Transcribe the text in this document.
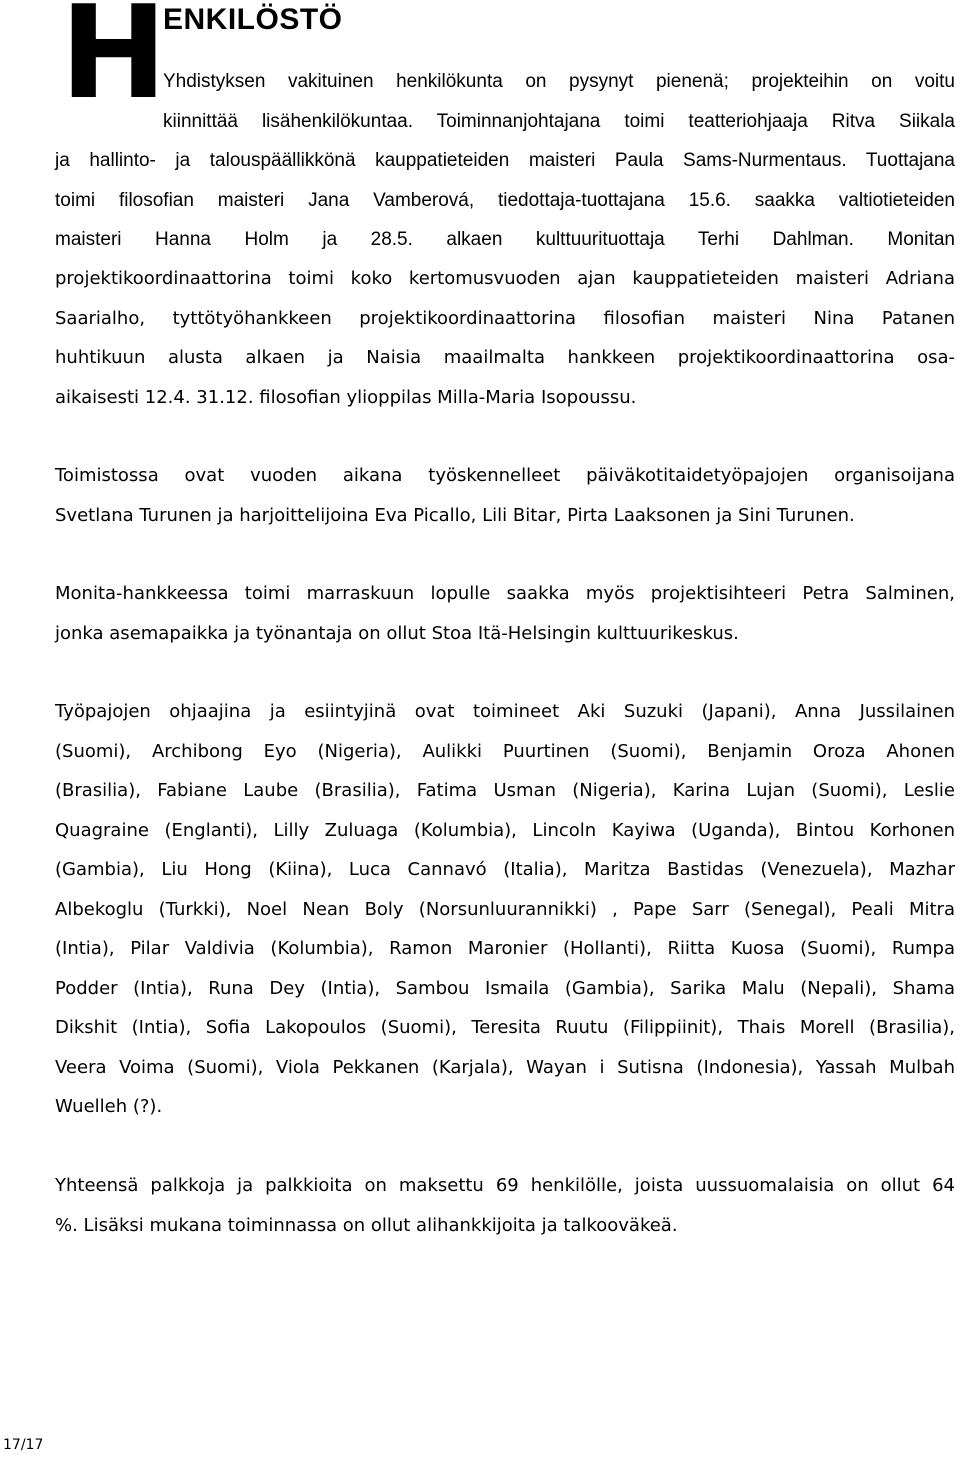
H
ENKILÖSTÖ
Yhdistyksen vakituinen henkilökunta on pysynyt pienenä; projekteihin on voitu
kiinnittää lisähenkilökuntaa. Toiminnanjohtajana toimi teatteriohjaaja Ritva Siikala
ja hallinto- ja talouspäällikkönä kauppatieteiden maisteri Paula Sams-Nurmentaus. Tuottajana
toimi filosofian maisteri Jana Vamberová, tiedottaja-tuottajana 15.6. saakka valtiotieteiden
maisteri Hanna Holm ja 28.5. alkaen kulttuurituottaja Terhi Dahlman. Monitan
projektikoordinaattorina toimi koko kertomusvuoden ajan kauppatieteiden maisteri Adriana
Saarialho, tyttötyöhankkeen projektikoordinaattorina filosofian maisteri Nina Patanen
huhtikuun alusta alkaen ja Naisia maailmalta hankkeen projektikoordinaattorina osa-
aikaisesti 12.4. 31.12. filosofian ylioppilas Milla-Maria Isopoussu.
Toimistossa ovat vuoden aikana työskennelleet päiväkotitaidetyöpajojen organisoijana
Svetlana Turunen ja harjoittelijoina Eva Picallo, Lili Bitar, Pirta Laaksonen ja Sini Turunen.
Monita-hankkeessa toimi marraskuun lopulle saakka myös projektisihteeri Petra Salminen,
jonka asemapaikka ja työnantaja on ollut Stoa Itä-Helsingin kulttuurikeskus.
Työpajojen ohjaajina ja esiintyjinä ovat toimineet Aki Suzuki (Japani), Anna Jussilainen
(Suomi), Archibong Eyo (Nigeria), Aulikki Puurtinen (Suomi), Benjamin Oroza Ahonen
(Brasilia), Fabiane Laube (Brasilia), Fatima Usman (Nigeria), Karina Lujan (Suomi), Leslie
Quagraine (Englanti), Lilly Zuluaga (Kolumbia), Lincoln Kayiwa (Uganda), Bintou Korhonen
(Gambia), Liu Hong (Kiina), Luca Cannavó (Italia), Maritza Bastidas (Venezuela), Mazhar
Albekoglu (Turkki), Noel Nean Boly (Norsunluurannikki) , Pape Sarr (Senegal), Peali Mitra
(Intia), Pilar Valdivia (Kolumbia), Ramon Maronier (Hollanti), Riitta Kuosa (Suomi), Rumpa
Podder (Intia), Runa Dey (Intia), Sambou Ismaila (Gambia), Sarika Malu (Nepali), Shama
Dikshit (Intia), Sofia Lakopoulos (Suomi), Teresita Ruutu (Filippiinit), Thais Morell (Brasilia),
Veera Voima (Suomi), Viola Pekkanen (Karjala), Wayan i Sutisna (Indonesia), Yassah Mulbah
Wuelleh (?).
Yhteensä palkkoja ja palkkioita on maksettu 69 henkilölle, joista uussuomalaisia on ollut 64
%. Lisäksi mukana toiminnassa on ollut alihankkijoita ja talkooväkeä.
17/17
